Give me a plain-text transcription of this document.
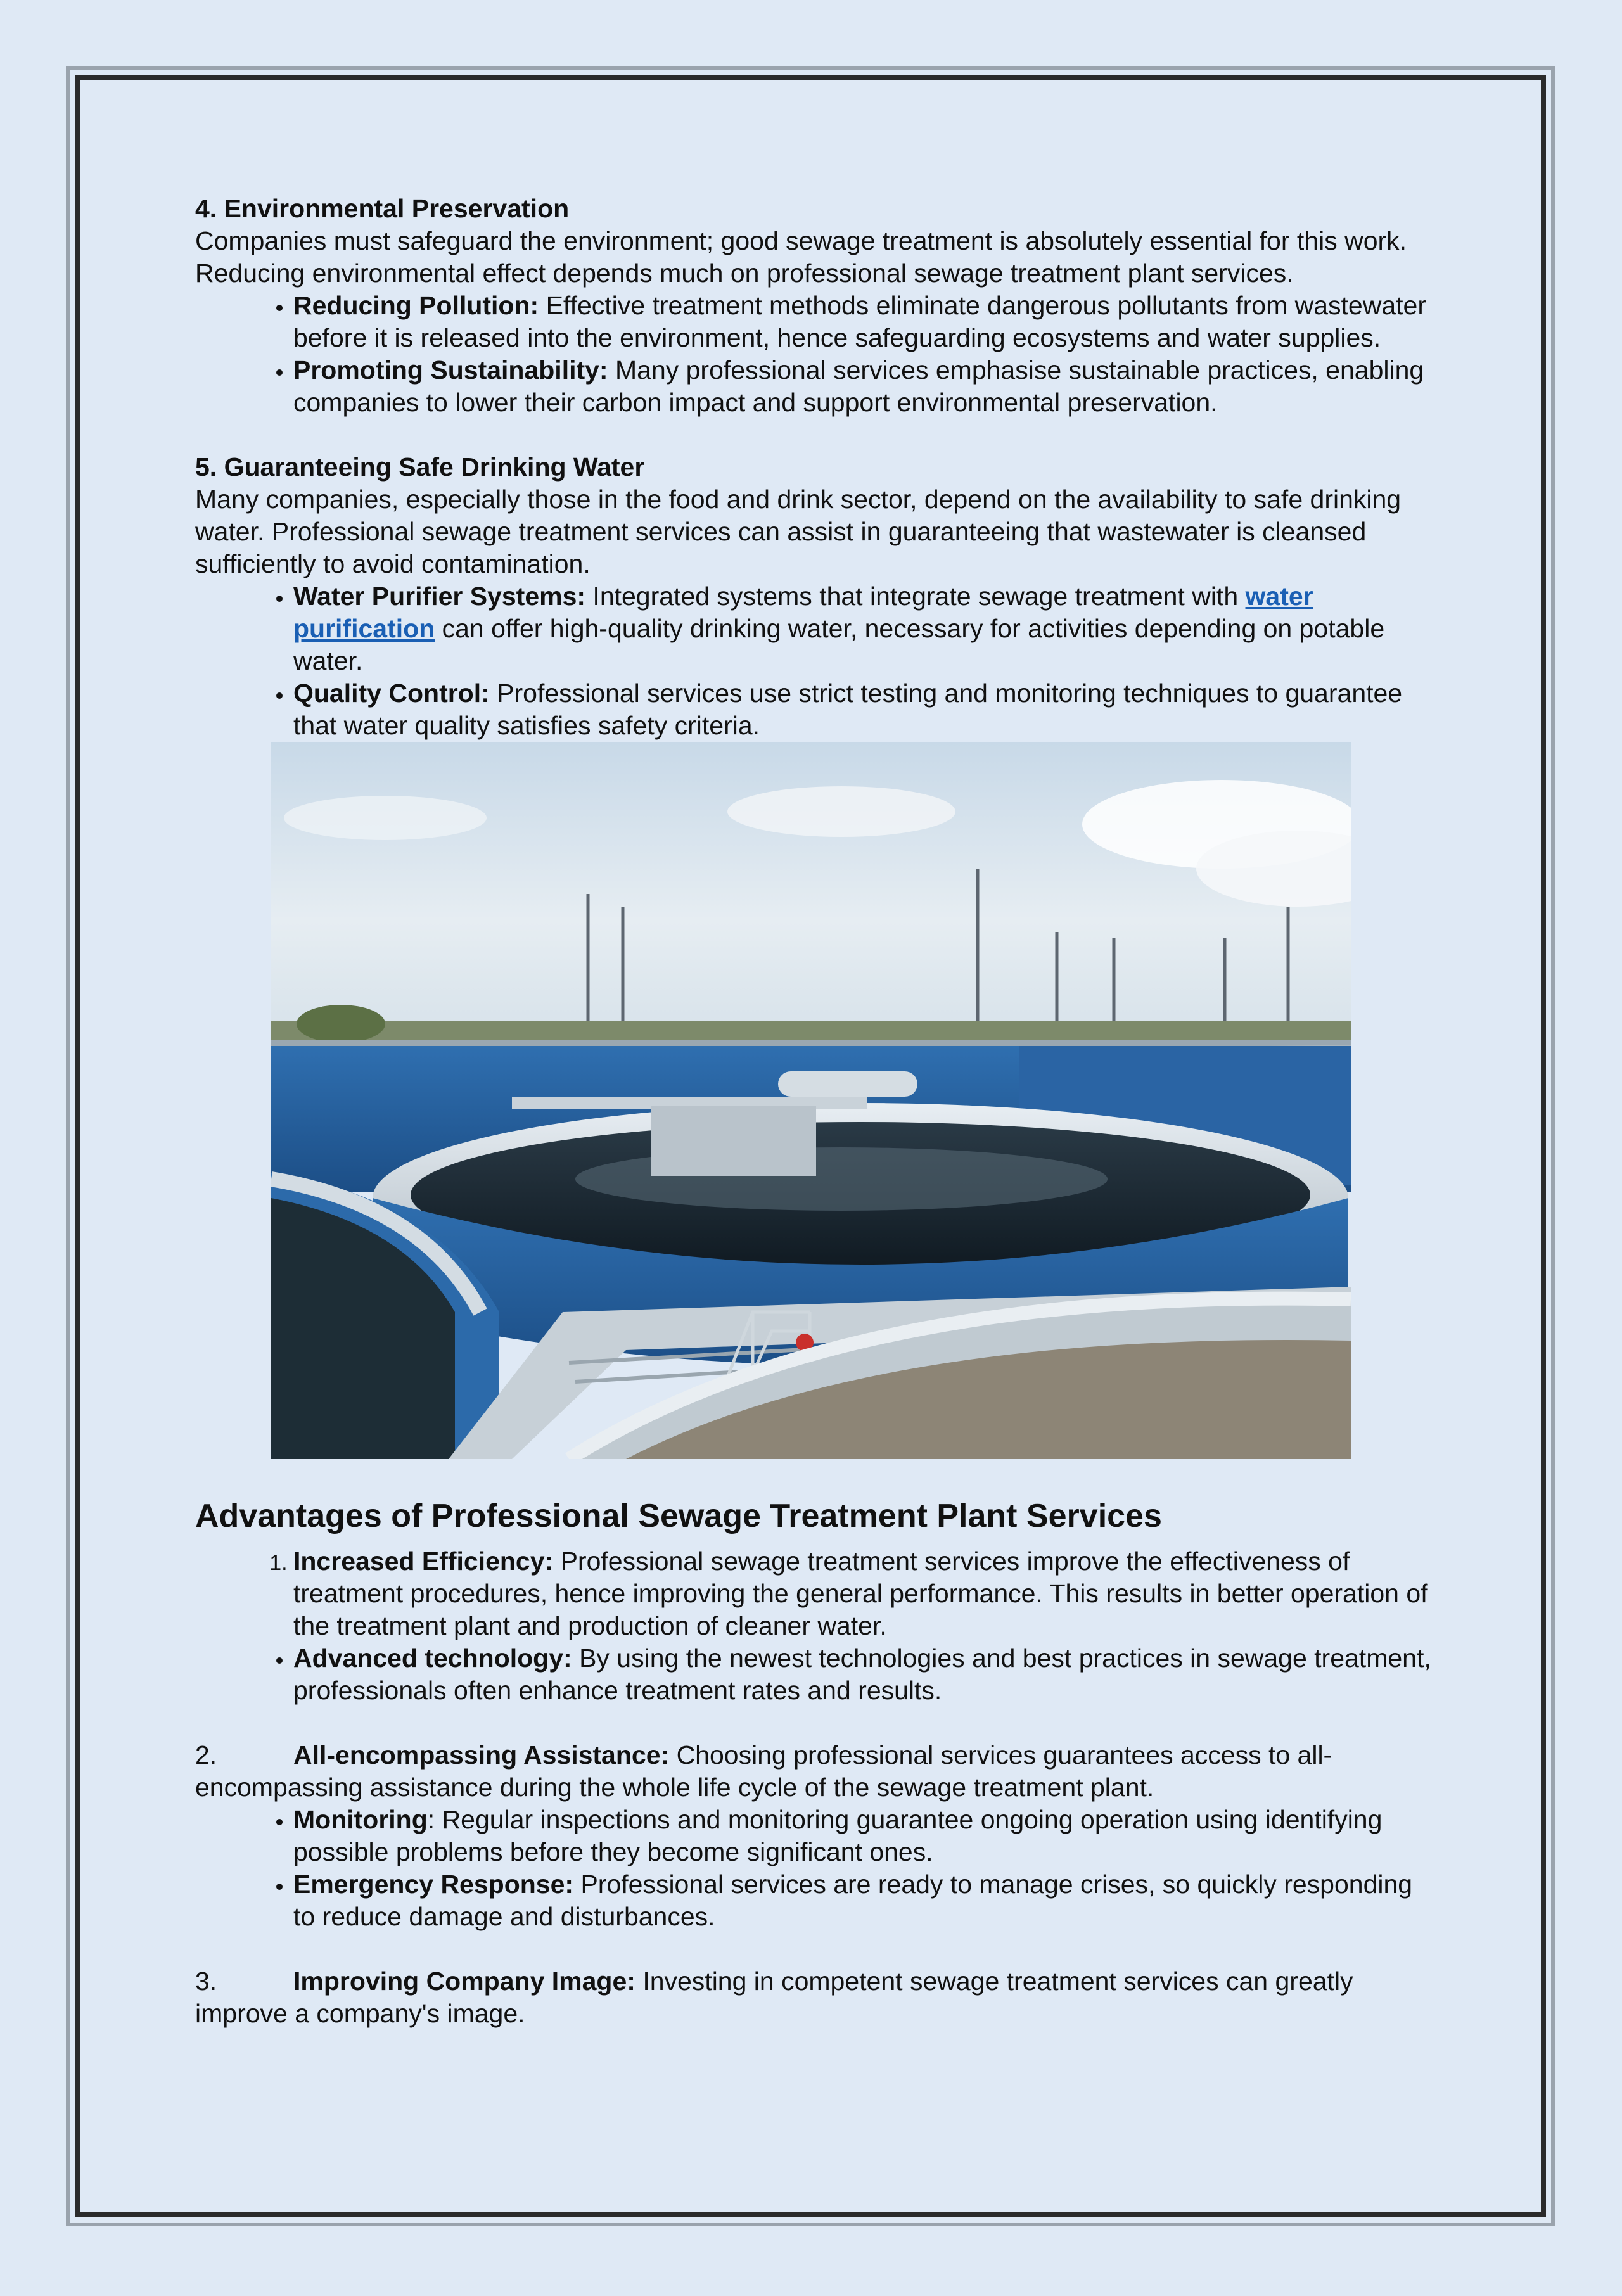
4. Environmental Preservation

Companies must safeguard the environment; good sewage treatment is absolutely essential for this work. Reducing environmental effect depends much on professional sewage treatment plant services.

• Reducing Pollution: Effective treatment methods eliminate dangerous pollutants from wastewater before it is released into the environment, hence safeguarding ecosystems and water supplies.
• Promoting Sustainability: Many professional services emphasise sustainable practices, enabling companies to lower their carbon impact and support environmental preservation.

5. Guaranteeing Safe Drinking Water

Many companies, especially those in the food and drink sector, depend on the availability to safe drinking water. Professional sewage treatment services can assist in guaranteeing that wastewater is cleansed sufficiently to avoid contamination.

• Water Purifier Systems: Integrated systems that integrate sewage treatment with water purification can offer high-quality drinking water, necessary for activities depending on potable water.
• Quality Control: Professional services use strict testing and monitoring techniques to guarantee that water quality satisfies safety criteria.

Advantages of Professional Sewage Treatment Plant Services

1. Increased Efficiency: Professional sewage treatment services improve the effectiveness of treatment procedures, hence improving the general performance. This results in better operation of the treatment plant and production of cleaner water.
• Advanced technology: By using the newest technologies and best practices in sewage treatment, professionals often enhance treatment rates and results.
2.	All-encompassing Assistance: Choosing professional services guarantees access to all-encompassing assistance during the whole life cycle of the sewage treatment plant.
• Monitoring: Regular inspections and monitoring guarantee ongoing operation using identifying possible problems before they become significant ones.
• Emergency Response: Professional services are ready to manage crises, so quickly responding to reduce damage and disturbances.
3.	Improving Company Image: Investing in competent sewage treatment services can greatly improve a company's image.
